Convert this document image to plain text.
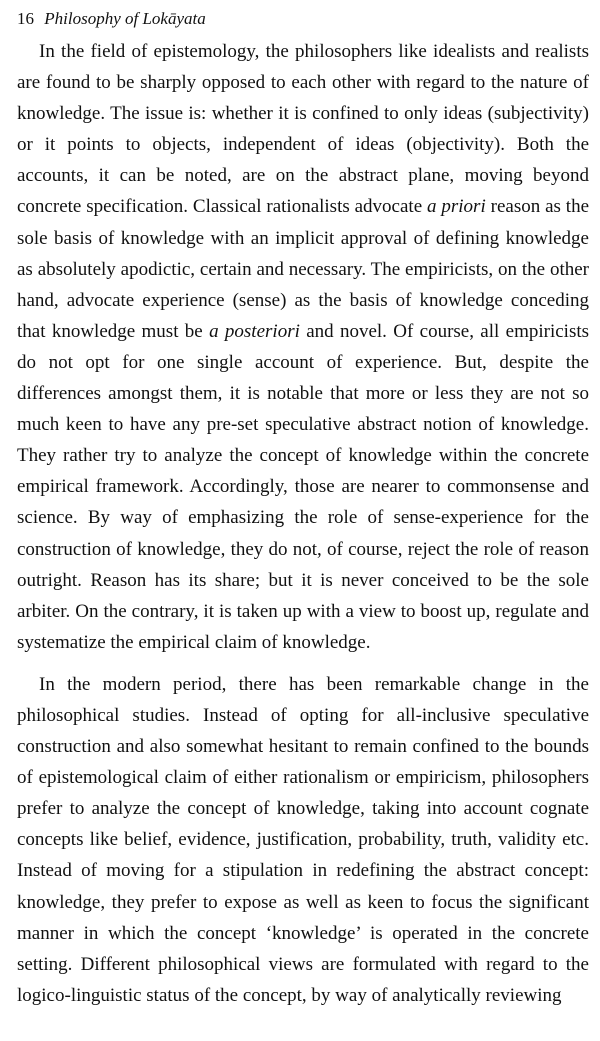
16 Philosophy of Lokāyata

In the field of epistemology, the philosophers like idealists and realists are found to be sharply opposed to each other with regard to the nature of knowledge. The issue is: whether it is confined to only ideas (subjectivity) or it points to objects, independent of ideas (objectivity). Both the accounts, it can be noted, are on the abstract plane, moving beyond concrete specification. Classical rationalists advocate a priori reason as the sole basis of knowledge with an implicit approval of defining knowledge as absolutely apodictic, certain and necessary. The empiricists, on the other hand, advocate experience (sense) as the basis of knowledge conceding that knowledge must be a posteriori and novel. Of course, all empiricists do not opt for one single account of experience. But, despite the differences amongst them, it is notable that more or less they are not so much keen to have any pre-set speculative abstract notion of knowledge. They rather try to analyze the concept of knowledge within the concrete empirical framework. Accordingly, those are nearer to commonsense and science. By way of emphasizing the role of sense-experience for the construction of knowledge, they do not, of course, reject the role of reason outright. Reason has its share; but it is never conceived to be the sole arbiter. On the contrary, it is taken up with a view to boost up, regulate and systematize the empirical claim of knowledge.

In the modern period, there has been remarkable change in the philosophical studies. Instead of opting for all-inclusive speculative construction and also somewhat hesitant to remain confined to the bounds of epistemological claim of either rationalism or empiricism, philosophers prefer to analyze the concept of knowledge, taking into account cognate concepts like belief, evidence, justification, probability, truth, validity etc. Instead of moving for a stipulation in redefining the abstract concept: knowledge, they prefer to expose as well as keen to focus the significant manner in which the concept ‘knowledge’ is operated in the concrete setting. Different philosophical views are formulated with regard to the logico-linguistic status of the concept, by way of analytically reviewing
